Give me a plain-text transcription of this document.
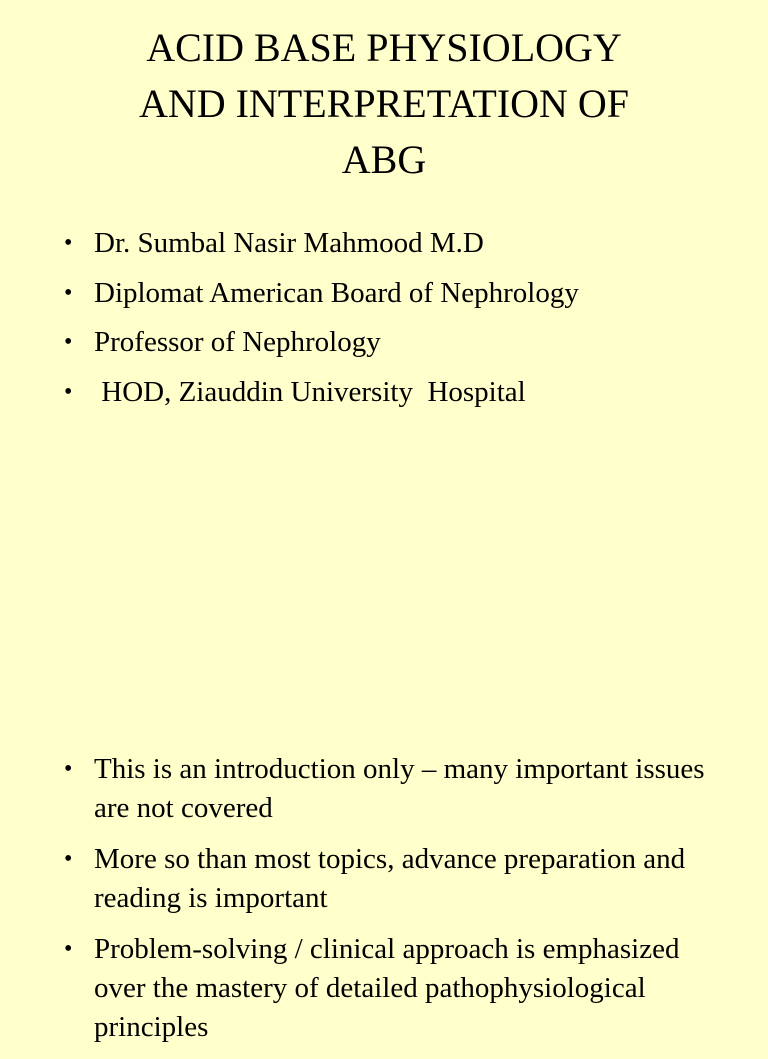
ACID BASE PHYSIOLOGY
AND INTERPRETATION OF
ABG
• Dr. Sumbal Nasir Mahmood M.D
• Diplomat American Board of Nephrology
• Professor of Nephrology
• HOD, Ziauddin University  Hospital
• This is an introduction only – many important issues are not covered
• More so than most topics, advance preparation and reading is important
• Problem-solving / clinical approach is emphasized over the mastery of detailed pathophysiological principles
